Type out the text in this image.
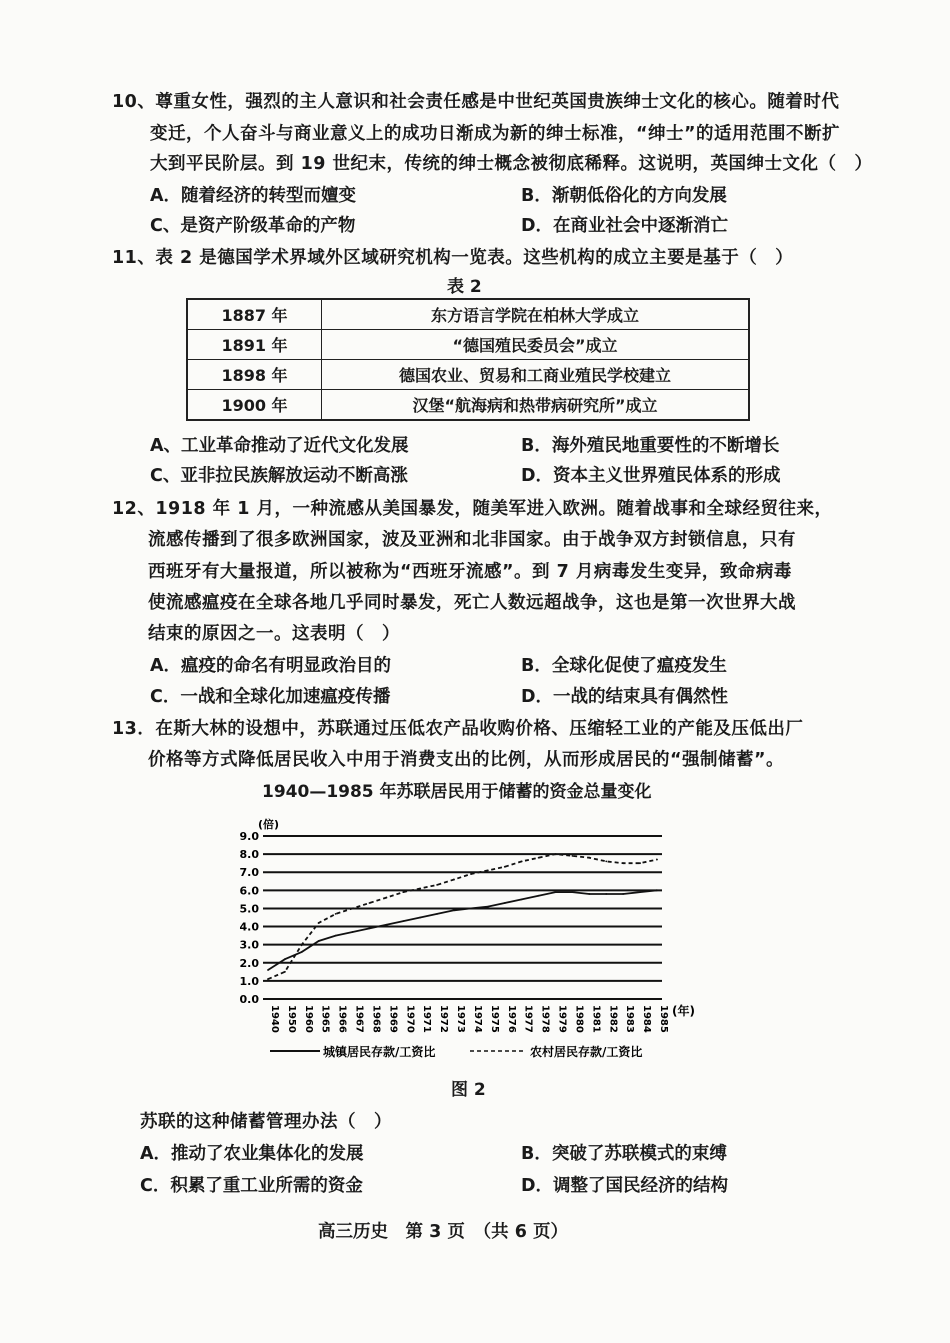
10、尊重女性，强烈的主人意识和社会责任感是中世纪英国贵族绅士文化的核心。随着时代
变迁，个人奋斗与商业意义上的成功日渐成为新的绅士标准，“绅士”的适用范围不断扩
大到平民阶层。到 19 世纪末，传统的绅士概念被彻底稀释。这说明，英国绅士文化（　）
A．随着经济的转型而嬗变	B．渐朝低俗化的方向发展
C、是资产阶级革命的产物	D．在商业社会中逐渐消亡
11、表 2 是德国学术界域外区域研究机构一览表。这些机构的成立主要是基于（　）
表 2
1887 年	东方语言学院在柏林大学成立
1891 年	“德国殖民委员会”成立
1898 年	德国农业、贸易和工商业殖民学校建立
1900 年	汉堡“航海病和热带病研究所”成立
A、工业革命推动了近代文化发展	B．海外殖民地重要性的不断增长
C、亚非拉民族解放运动不断高涨	D．资本主义世界殖民体系的形成
12、1918 年 1 月，一种流感从美国暴发，随美军进入欧洲。随着战事和全球经贸往来，
流感传播到了很多欧洲国家，波及亚洲和北非国家。由于战争双方封锁信息，只有
西班牙有大量报道，所以被称为“西班牙流感”。到 7 月病毒发生变异，致命病毒
使流感瘟疫在全球各地几乎同时暴发，死亡人数远超战争，这也是第一次世界大战
结束的原因之一。这表明（　）
A．瘟疫的命名有明显政治目的	B．全球化促使了瘟疫发生
C．一战和全球化加速瘟疫传播	D．一战的结束具有偶然性
13．在斯大林的设想中，苏联通过压低农产品收购价格、压缩轻工业的产能及压低出厂
价格等方式降低居民收入中用于消费支出的比例，从而形成居民的“强制储蓄”。
1940—1985 年苏联居民用于储蓄的资金总量变化
(倍)
0.0
1.0
2.0
3.0
4.0
5.0
6.0
7.0
8.0
9.0
1940 1950 1960 1965 1966 1967 1968 1969 1970 1971 1972 1973 1974 1975 1976 1977 1978 1979 1980 1981 1982 1983 1984 1985 (年)
城镇居民存款/工资比	农村居民存款/工资比
图 2
苏联的这种储蓄管理办法（　）
A．推动了农业集体化的发展	B．突破了苏联模式的束缚
C．积累了重工业所需的资金	D．调整了国民经济的结构
高三历史　第 3 页　（共 6 页）
